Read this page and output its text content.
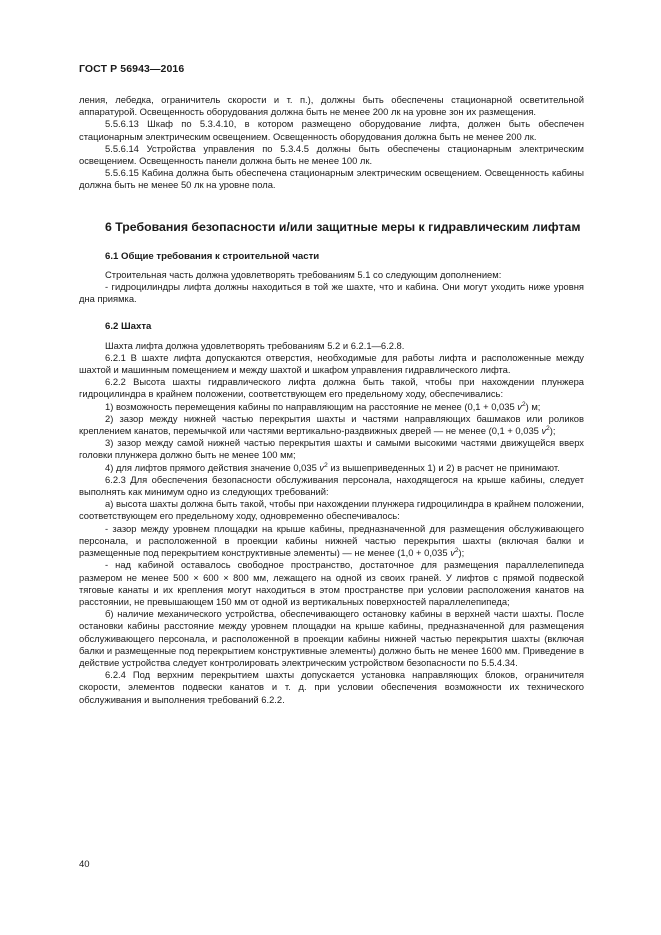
ГОСТ Р 56943—2016

ления, лебедка, ограничитель скорости и т. п.), должны быть обеспечены стационарной осветительной аппаратурой. Освещенность оборудования должна быть не менее 200 лк на уровне зон их размещения.

5.5.6.13 Шкаф по 5.3.4.10, в котором размещено оборудование лифта, должен быть обеспечен стационарным электрическим освещением. Освещенность оборудования должна быть не менее 200 лк.

5.5.6.14 Устройства управления по 5.3.4.5 должны быть обеспечены стационарным электрическим освещением. Освещенность панели должна быть не менее 100 лк.

5.5.6.15 Кабина должна быть обеспечена стационарным электрическим освещением. Освещенность кабины должна быть не менее 50 лк на уровне пола.

6 Требования безопасности и/или защитные меры к гидравлическим лифтам
6.1 Общие требования к строительной части

Строительная часть должна удовлетворять требованиям 5.1 со следующим дополнением:

- гидроцилиндры лифта должны находиться в той же шахте, что и кабина. Они могут уходить ниже уровня дна приямка.

6.2 Шахта

Шахта лифта должна удовлетворять требованиям 5.2 и 6.2.1—6.2.8.

6.2.1 В шахте лифта допускаются отверстия, необходимые для работы лифта и расположенные между шахтой и машинным помещением и между шахтой и шкафом управления гидравлического лифта.

6.2.2 Высота шахты гидравлического лифта должна быть такой, чтобы при нахождении плунжера гидроцилиндра в крайнем положении, соответствующем его предельному ходу, обеспечивались:

1) возможность перемещения кабины по направляющим на расстояние не менее (0,1 + 0,035 $v^2$) м;

2) зазор между нижней частью перекрытия шахты и частями направляющих башмаков или роликов креплением канатов, перемычкой или частями вертикально-раздвижных дверей — не менее (0,1 + 0,035 $v^2$);

3) зазор между самой нижней частью перекрытия шахты и самыми высокими частями движущейся вверх головки плунжера должно быть не менее 100 мм;

4) для лифтов прямого действия значение 0,035 $v^2$ из вышеприведенных 1) и 2) в расчет не принимают.

6.2.3 Для обеспечения безопасности обслуживания персонала, находящегося на крыше кабины, следует выполнять как минимум одно из следующих требований:

а) высота шахты должна быть такой, чтобы при нахождении плунжера гидроцилиндра в крайнем положении, соответствующем его предельному ходу, одновременно обеспечивалось:

- зазор между уровнем площадки на крыше кабины, предназначенной для размещения обслуживающего персонала, и расположенной в проекции кабины нижней частью перекрытия шахты (включая балки и размещенные под перекрытием конструктивные элементы) — не менее (1,0 + 0,035 $v^2$);

- над кабиной оставалось свободное пространство, достаточное для размещения параллелепипеда размером не менее 500 × 600 × 800 мм, лежащего на одной из своих граней. У лифтов с прямой подвеской тяговые канаты и их крепления могут находиться в этом пространстве при условии расположения канатов на расстоянии, не превышающем 150 мм от одной из вертикальных поверхностей параллелепипеда;

б) наличие механического устройства, обеспечивающего остановку кабины в верхней части шахты. После остановки кабины расстояние между уровнем площадки на крыше кабины, предназначенной для размещения обслуживающего персонала, и расположенной в проекции кабины нижней частью перекрытия шахты (включая балки и размещенные под перекрытием конструктивные элементы) должно быть не менее 1600 мм. Приведение в действие устройства следует контролировать электрическим устройством безопасности по 5.5.4.34.

6.2.4 Под верхним перекрытием шахты допускается установка направляющих блоков, ограничителя скорости, элементов подвески канатов и т. д. при условии обеспечения возможности их технического обслуживания и выполнения требований 6.2.2.

40
